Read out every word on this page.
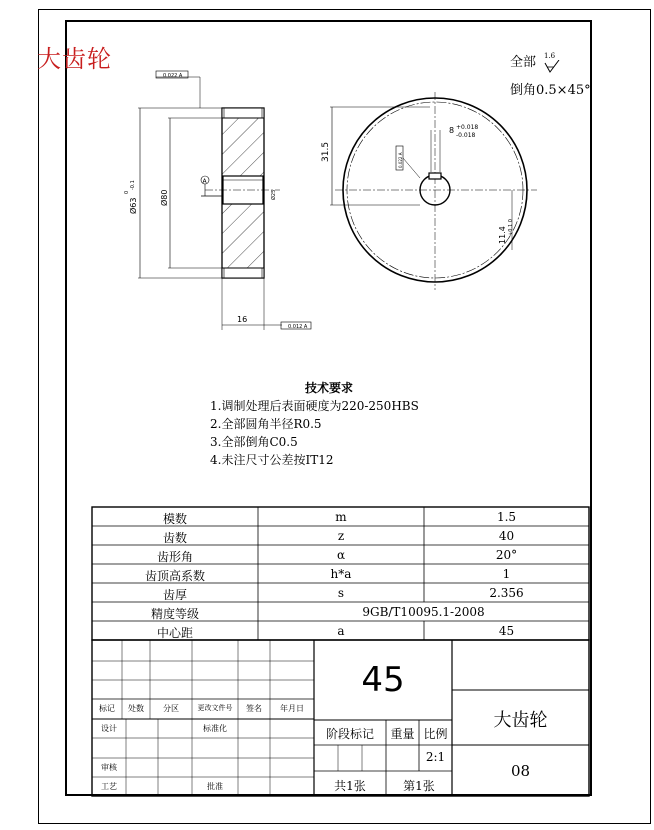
大齿轮
Ø63
0
-0.1
Ø80
16
0.022 A
0.012 A
A
Ø25
31.5
8 +0.018
-0.018
11.4 +0.1 0
0.022 A
全部 1.6
倒角0.5×45°
技术要求
1.调制处理后表面硬度为220-250HBS
2.全部圆角半径R0.5
3.全部倒角C0.5
4.未注尺寸公差按IT12
模数	m	1.5
齿数	z	40
齿形角	α	20°
齿顶高系数	h*a	1
齿厚	s	2.356
精度等级	9GB/T10095.1-2008
中心距	a	45
45
大齿轮
08
阶段标记	重量 比例
2:1
共1张	第1张
标记	处数	分区	更改文件号	签名	年月日
设计	标准化
审核
工艺	批准
